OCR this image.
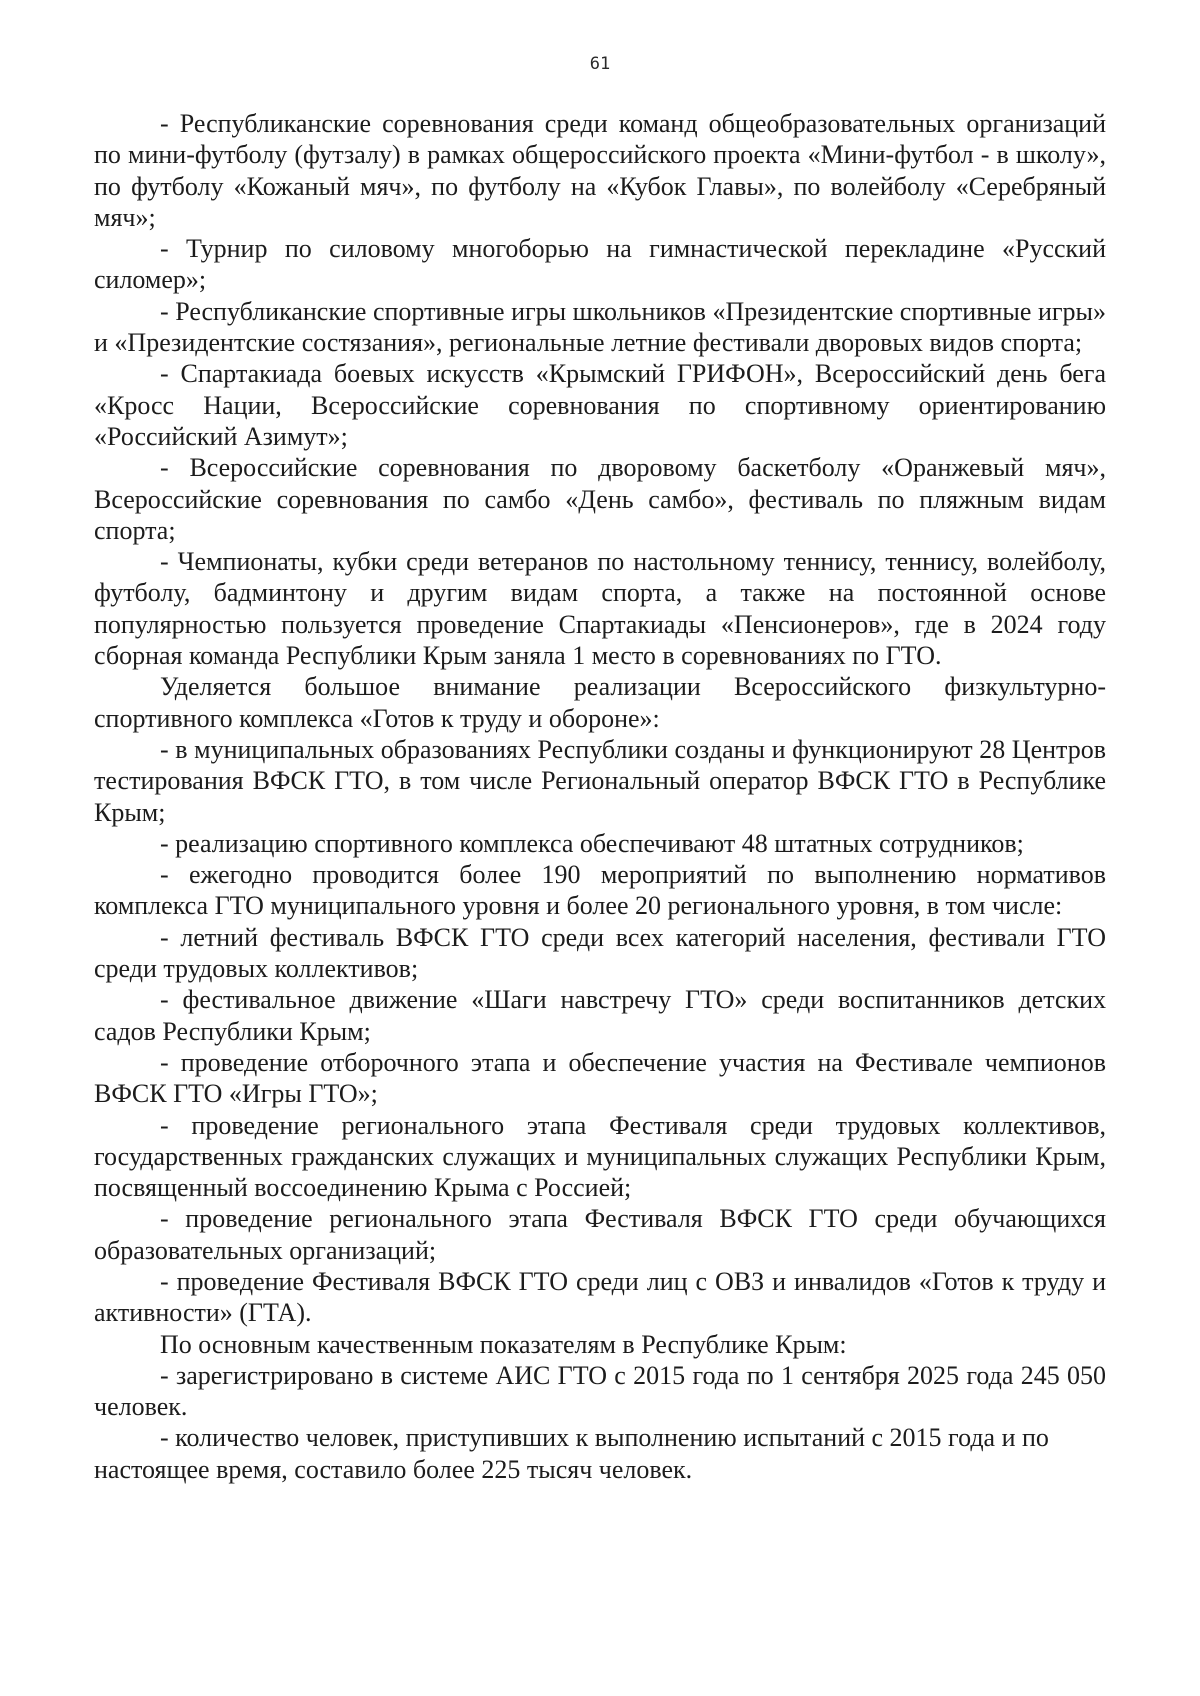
61

- Республиканские соревнования среди команд общеобразовательных организаций по мини-футболу (футзалу) в рамках общероссийского проекта «Мини-футбол - в школу», по футболу «Кожаный мяч», по футболу на «Кубок Главы», по волейболу «Серебряный мяч»;

- Турнир по силовому многоборью на гимнастической перекладине «Русский силомер»;

- Республиканские спортивные игры школьников «Президентские спортивные игры» и «Президентские состязания», региональные летние фестивали дворовых видов спорта;

- Спартакиада боевых искусств «Крымский ГРИФОН», Всероссийский день бега «Кросс Нации, Всероссийские соревнования по спортивному ориентированию «Российский Азимут»;

- Всероссийские соревнования по дворовому баскетболу «Оранжевый мяч», Всероссийские соревнования по самбо «День самбо», фестиваль по пляжным видам спорта;

- Чемпионаты, кубки среди ветеранов по настольному теннису, теннису, волейболу, футболу, бадминтону и другим видам спорта, а также на постоянной основе популярностью пользуется проведение Спартакиады «Пенсионеров», где в 2024 году сборная команда Республики Крым заняла 1 место в соревнованиях по ГТО.

Уделяется большое внимание реализации Всероссийского физкультурно-спортивного комплекса «Готов к труду и обороне»:

- в муниципальных образованиях Республики созданы и функционируют 28 Центров тестирования ВФСК ГТО, в том числе Региональный оператор ВФСК ГТО в Республике Крым;

- реализацию спортивного комплекса обеспечивают 48 штатных сотрудников;

- ежегодно проводится более 190 мероприятий по выполнению нормативов комплекса ГТО муниципального уровня и более 20 регионального уровня, в том числе:

- летний фестиваль ВФСК ГТО среди всех категорий населения, фестивали ГТО среди трудовых коллективов;

- фестивальное движение «Шаги навстречу ГТО» среди воспитанников детских садов Республики Крым;

- проведение отборочного этапа и обеспечение участия на Фестивале чемпионов ВФСК ГТО «Игры ГТО»;

- проведение регионального этапа Фестиваля среди трудовых коллективов, государственных гражданских служащих и муниципальных служащих Республики Крым, посвященный воссоединению Крыма с Россией;

- проведение регионального этапа Фестиваля ВФСК ГТО среди обучающихся образовательных организаций;

- проведение Фестиваля ВФСК ГТО среди лиц с ОВЗ и инвалидов «Готов к труду и активности» (ГТА).

По основным качественным показателям в Республике Крым:

- зарегистрировано в системе АИС ГТО с 2015 года по 1 сентября 2025 года 245 050 человек.

- количество человек, приступивших к выполнению испытаний с 2015 года и по настоящее время, составило более 225 тысяч человек.
